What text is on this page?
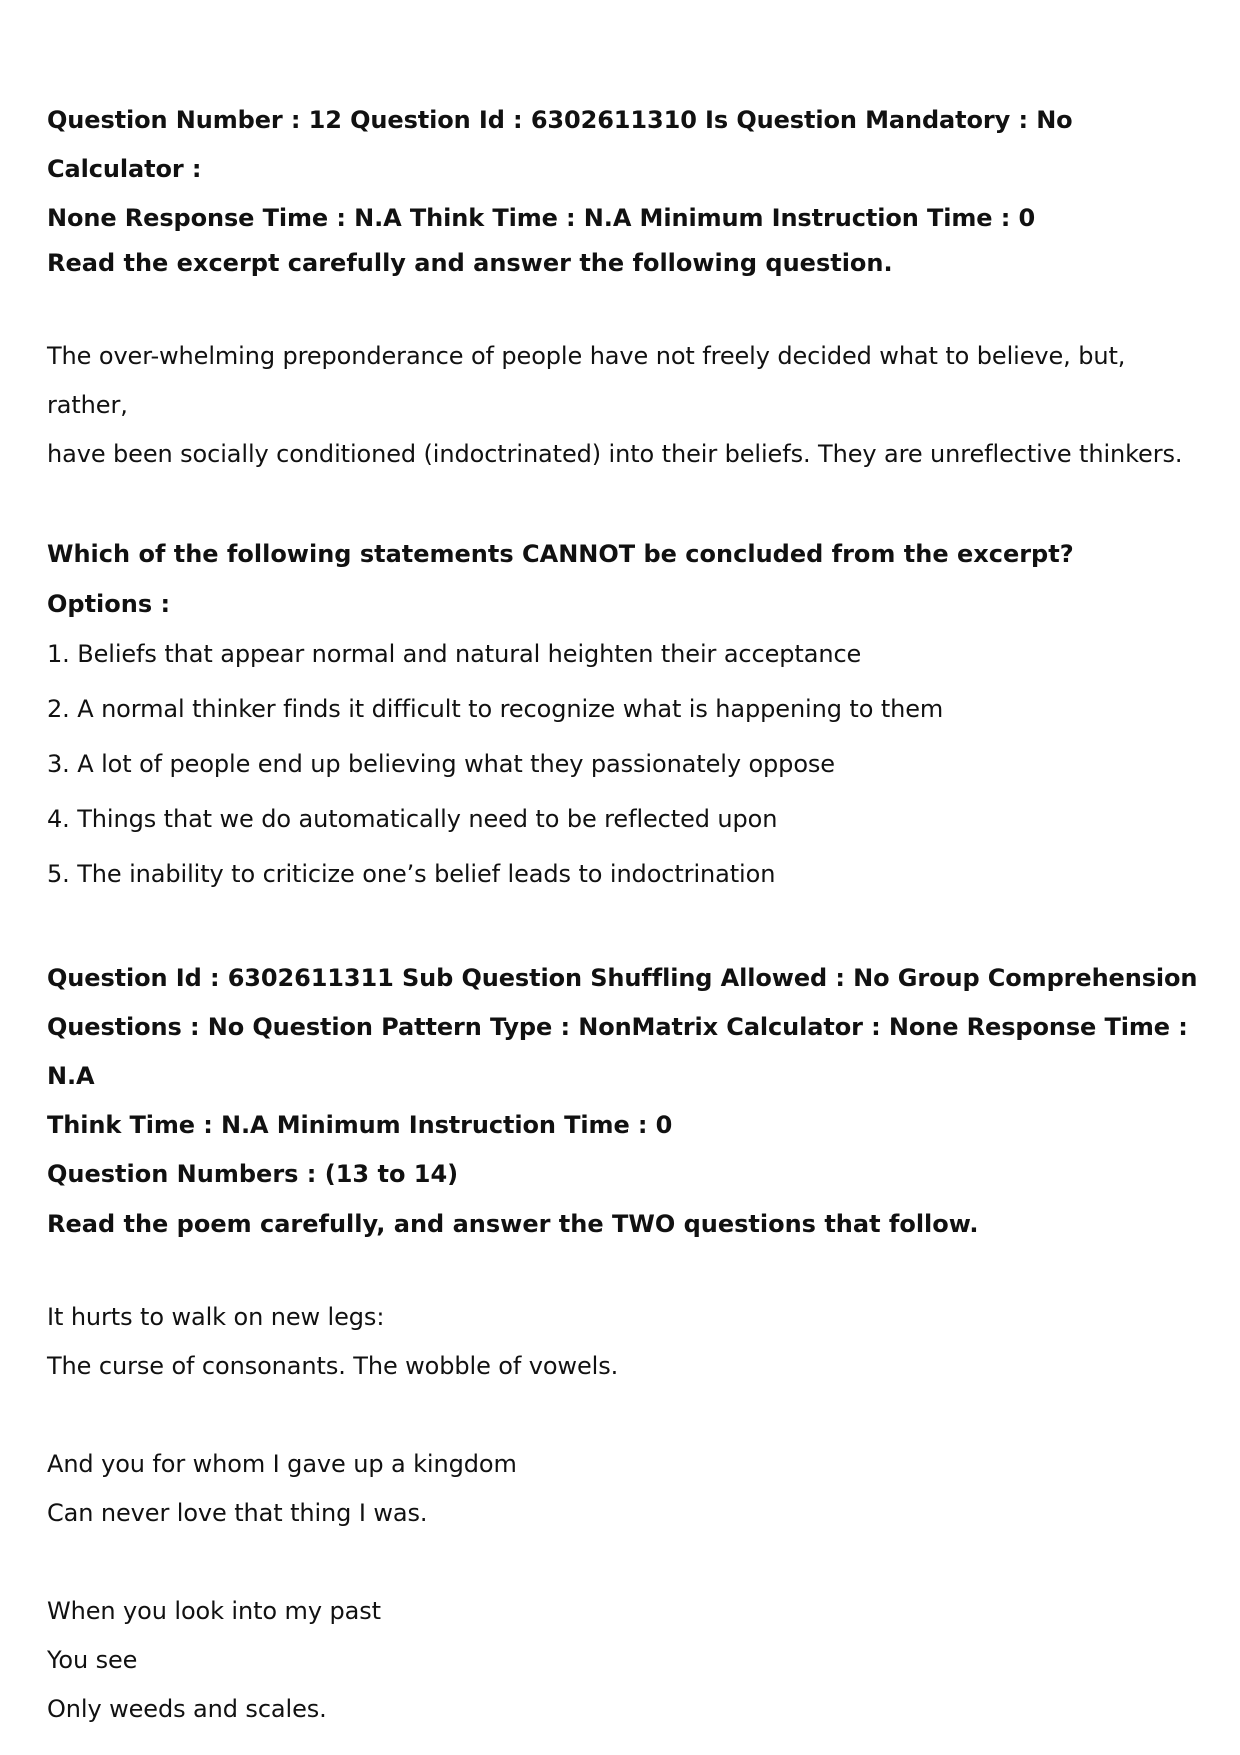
Question Number : 12 Question Id : 6302611310 Is Question Mandatory : No Calculator :

None Response Time : N.A Think Time : N.A Minimum Instruction Time : 0

Read the excerpt carefully and answer the following question.

The over-whelming preponderance of people have not freely decided what to believe, but, rather,

have been socially conditioned (indoctrinated) into their beliefs. They are unreflective thinkers.

Which of the following statements CANNOT be concluded from the excerpt?

Options :

1. Beliefs that appear normal and natural heighten their acceptance

2. A normal thinker finds it difficult to recognize what is happening to them

3. A lot of people end up believing what they passionately oppose

4. Things that we do automatically need to be reflected upon

5. The inability to criticize one’s belief leads to indoctrination

Question Id : 6302611311 Sub Question Shuffling Allowed : No Group Comprehension

Questions : No Question Pattern Type : NonMatrix Calculator : None Response Time : N.A

Think Time : N.A Minimum Instruction Time : 0

Question Numbers : (13 to 14)

Read the poem carefully, and answer the TWO questions that follow.

It hurts to walk on new legs:

The curse of consonants. The wobble of vowels.

And you for whom I gave up a kingdom

Can never love that thing I was.

When you look into my past

You see

Only weeds and scales.
